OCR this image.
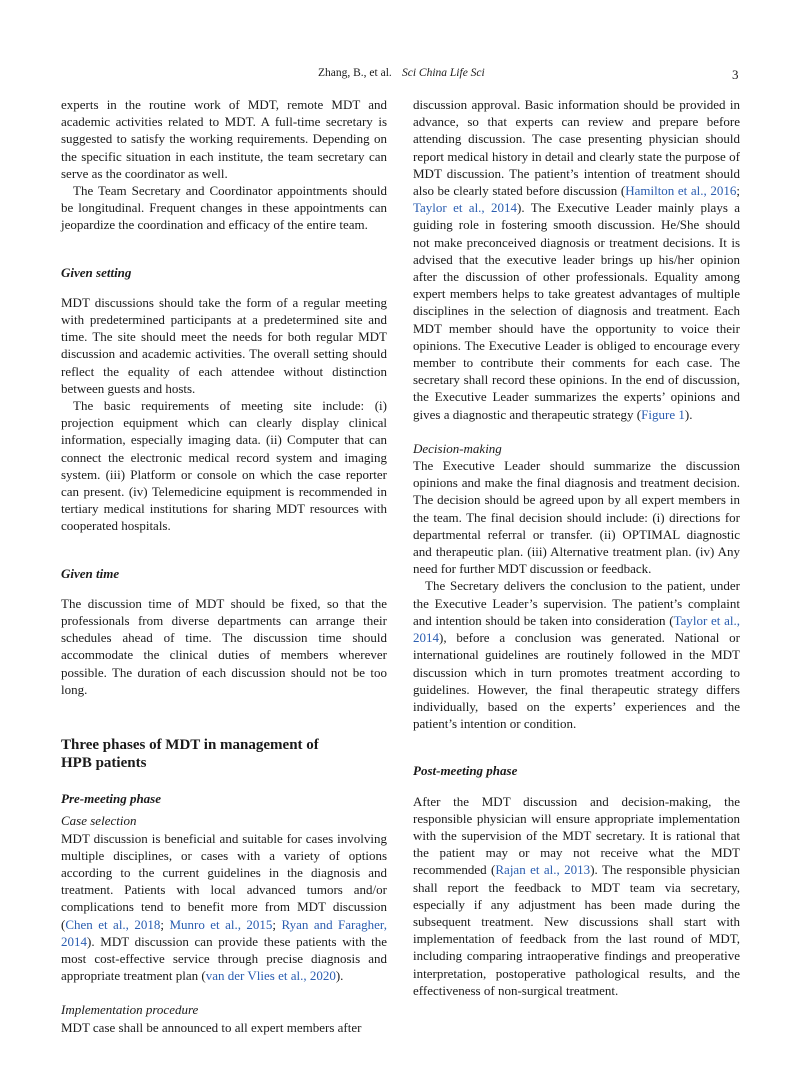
Zhang, B., et al. Sci China Life Sci	3

experts in the routine work of MDT, remote MDT and academic activities related to MDT. A full-time secretary is suggested to satisfy the working requirements. Depending on the specific situation in each institute, the team secretary can serve as the coordinator as well.

The Team Secretary and Coordinator appointments should be longitudinal. Frequent changes in these appointments can jeopardize the coordination and efficacy of the entire team.

Given setting

MDT discussions should take the form of a regular meeting with predetermined participants at a predetermined site and time. The site should meet the needs for both regular MDT discussion and academic activities. The overall setting should reflect the equality of each attendee without distinction between guests and hosts.

The basic requirements of meeting site include: (i) projection equipment which can clearly display clinical information, especially imaging data. (ii) Computer that can connect the electronic medical record system and imaging system. (iii) Platform or console on which the case reporter can present. (iv) Telemedicine equipment is recommended in tertiary medical institutions for sharing MDT resources with cooperated hospitals.

Given time

The discussion time of MDT should be fixed, so that the professionals from diverse departments can arrange their schedules ahead of time. The discussion time should accommodate the clinical duties of members wherever possible. The duration of each discussion should not be too long.

Three phases of MDT in management of HPB patients

Pre-meeting phase

Case selection

MDT discussion is beneficial and suitable for cases involving multiple disciplines, or cases with a variety of options according to the current guidelines in the diagnosis and treatment. Patients with local advanced tumors and/or complications tend to benefit more from MDT discussion (Chen et al., 2018; Munro et al., 2015; Ryan and Faragher, 2014). MDT discussion can provide these patients with the most cost-effective service through precise diagnosis and appropriate treatment plan (van der Vlies et al., 2020).

Implementation procedure

MDT case shall be announced to all expert members after

discussion approval. Basic information should be provided in advance, so that experts can review and prepare before attending discussion. The case presenting physician should report medical history in detail and clearly state the purpose of MDT discussion. The patient’s intention of treatment should also be clearly stated before discussion (Hamilton et al., 2016; Taylor et al., 2014). The Executive Leader mainly plays a guiding role in fostering smooth discussion. He/She should not make preconceived diagnosis or treatment decisions. It is advised that the executive leader brings up his/her opinion after the discussion of other professionals. Equality among expert members helps to take greatest advantages of multiple disciplines in the selection of diagnosis and treatment. Each MDT member should have the opportunity to voice their opinions. The Executive Leader is obliged to encourage every member to contribute their comments for each case. The secretary shall record these opinions. In the end of discussion, the Executive Leader summarizes the experts’ opinions and gives a diagnostic and therapeutic strategy (Figure 1).

Decision-making

The Executive Leader should summarize the discussion opinions and make the final diagnosis and treatment decision. The decision should be agreed upon by all expert members in the team. The final decision should include: (i) directions for departmental referral or transfer. (ii) OPTIMAL diagnostic and therapeutic plan. (iii) Alternative treatment plan. (iv) Any need for further MDT discussion or feedback.

The Secretary delivers the conclusion to the patient, under the Executive Leader’s supervision. The patient’s complaint and intention should be taken into consideration (Taylor et al., 2014), before a conclusion was generated. National or international guidelines are routinely followed in the MDT discussion which in turn promotes treatment according to guidelines. However, the final therapeutic strategy differs individually, based on the experts’ experiences and the patient’s intention or condition.

Post-meeting phase

After the MDT discussion and decision-making, the responsible physician will ensure appropriate implementation with the supervision of the MDT secretary. It is rational that the patient may or may not receive what the MDT recommended (Rajan et al., 2013). The responsible physician shall report the feedback to MDT team via secretary, especially if any adjustment has been made during the subsequent treatment. New discussions shall start with implementation of feedback from the last round of MDT, including comparing intraoperative findings and preoperative interpretation, postoperative pathological results, and the effectiveness of non-surgical treatment.
